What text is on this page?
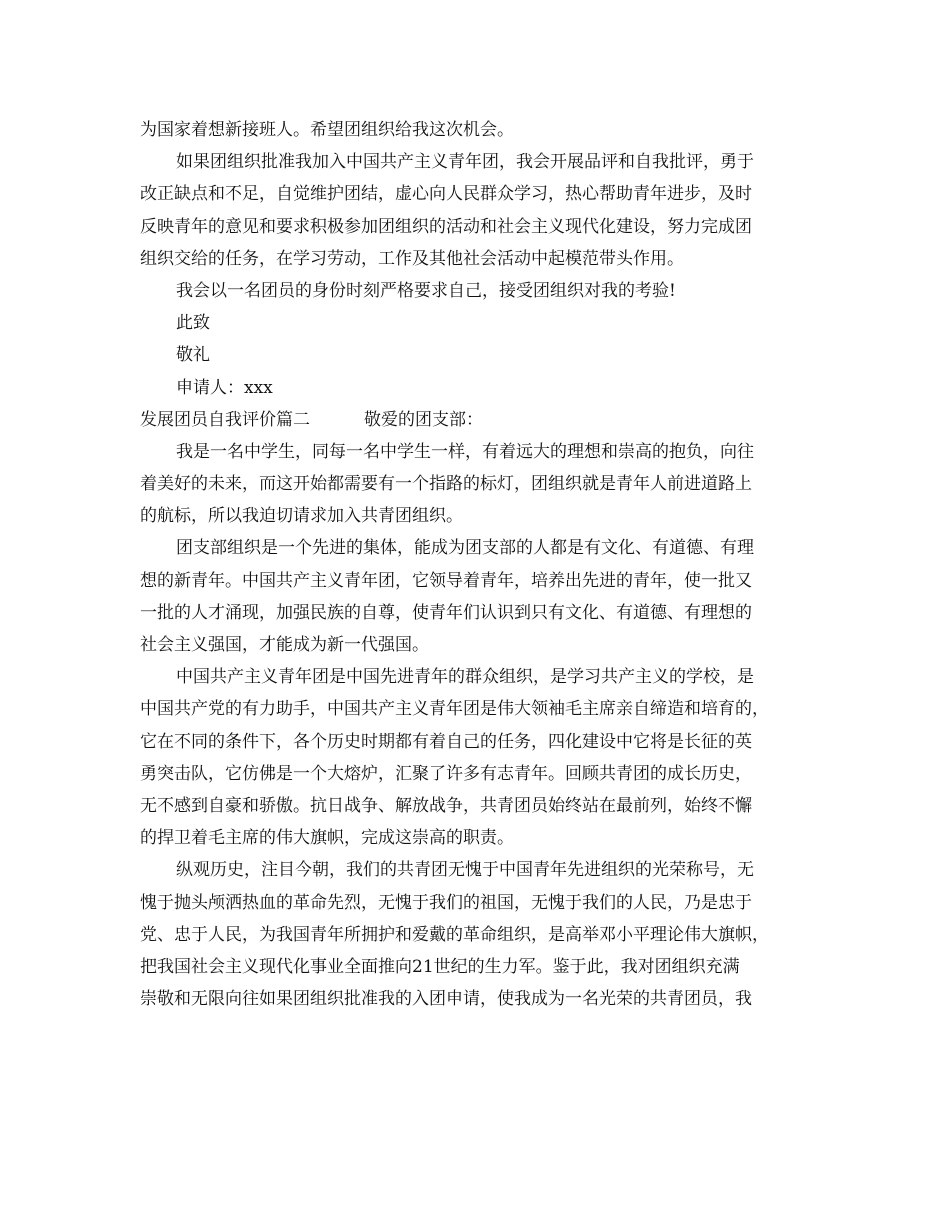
为国家着想新接班人。希望团组织给我这次机会。
如果团组织批准我加入中国共产主义青年团，我会开展品评和自我批评，勇于
改正缺点和不足，自觉维护团结，虚心向人民群众学习，热心帮助青年进步，及时
反映青年的意见和要求积极参加团组织的活动和社会主义现代化建设，努力完成团
组织交给的任务，在学习劳动，工作及其他社会活动中起模范带头作用。
我会以一名团员的身份时刻严格要求自己，接受团组织对我的考验!
此致
敬礼
申请人：xxx
发展团员自我评价篇二	敬爱的团支部：
我是一名中学生，同每一名中学生一样，有着远大的理想和崇高的抱负，向往
着美好的未来，而这开始都需要有一个指路的标灯，团组织就是青年人前进道路上
的航标，所以我迫切请求加入共青团组织。
团支部组织是一个先进的集体，能成为团支部的人都是有文化、有道德、有理
想的新青年。中国共产主义青年团，它领导着青年，培养出先进的青年，使一批又
一批的人才涌现，加强民族的自尊，使青年们认识到只有文化、有道德、有理想的
社会主义强国，才能成为新一代强国。
中国共产主义青年团是中国先进青年的群众组织，是学习共产主义的学校，是
中国共产党的有力助手，中国共产主义青年团是伟大领袖毛主席亲自缔造和培育的，
它在不同的条件下，各个历史时期都有着自己的任务，四化建设中它将是长征的英
勇突击队，它仿佛是一个大熔炉，汇聚了许多有志青年。回顾共青团的成长历史，
无不感到自豪和骄傲。抗日战争、解放战争，共青团员始终站在最前列，始终不懈
的捍卫着毛主席的伟大旗帜，完成这崇高的职责。
纵观历史，注目今朝，我们的共青团无愧于中国青年先进组织的光荣称号，无
愧于抛头颅洒热血的革命先烈，无愧于我们的祖国，无愧于我们的人民，乃是忠于
党、忠于人民，为我国青年所拥护和爱戴的革命组织，是高举邓小平理论伟大旗帜，
把我国社会主义现代化事业全面推向21世纪的生力军。鉴于此，我对团组织充满
崇敬和无限向往如果团组织批准我的入团申请，使我成为一名光荣的共青团员，我
